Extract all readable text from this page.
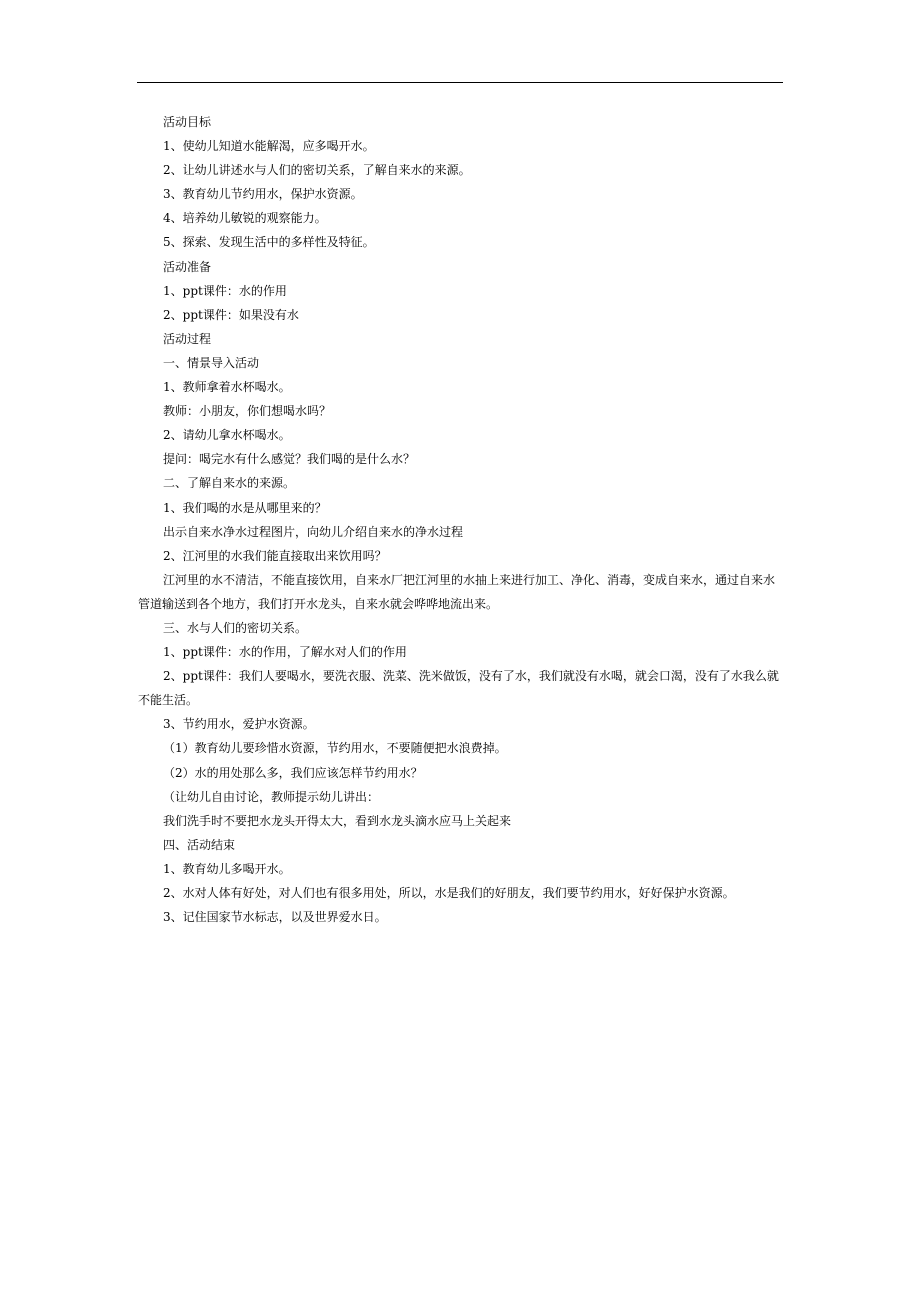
活动目标

1、使幼儿知道水能解渴，应多喝开水。

2、让幼儿讲述水与人们的密切关系，了解自来水的来源。

3、教育幼儿节约用水，保护水资源。

4、培养幼儿敏锐的观察能力。

5、探索、发现生活中的多样性及特征。

活动准备

1、ppt课件：水的作用

2、ppt课件：如果没有水

活动过程

一、情景导入活动

1、教师拿着水杯喝水。

教师：小朋友，你们想喝水吗？

2、请幼儿拿水杯喝水。

提问：喝完水有什么感觉？我们喝的是什么水？

二、了解自来水的来源。

1、我们喝的水是从哪里来的？

出示自来水净水过程图片，向幼儿介绍自来水的净水过程

2、江河里的水我们能直接取出来饮用吗？

江河里的水不清洁，不能直接饮用，自来水厂把江河里的水抽上来进行加工、净化、消毒，变成自来水，通过自来水管道输送到各个地方，我们打开水龙头，自来水就会哗哗地流出来。

三、水与人们的密切关系。

1、ppt课件：水的作用，了解水对人们的作用

2、ppt课件：我们人要喝水，要洗衣服、洗菜、洗米做饭，没有了水，我们就没有水喝，就会口渴，没有了水我么就不能生活。

3、节约用水，爱护水资源。

（1）教育幼儿要珍惜水资源，节约用水，不要随便把水浪费掉。

（2）水的用处那么多，我们应该怎样节约用水？

（让幼儿自由讨论，教师提示幼儿讲出：

我们洗手时不要把水龙头开得太大，看到水龙头滴水应马上关起来

四、活动结束

1、教育幼儿多喝开水。

2、水对人体有好处，对人们也有很多用处，所以，水是我们的好朋友，我们要节约用水，好好保护水资源。

3、记住国家节水标志，以及世界爱水日。
